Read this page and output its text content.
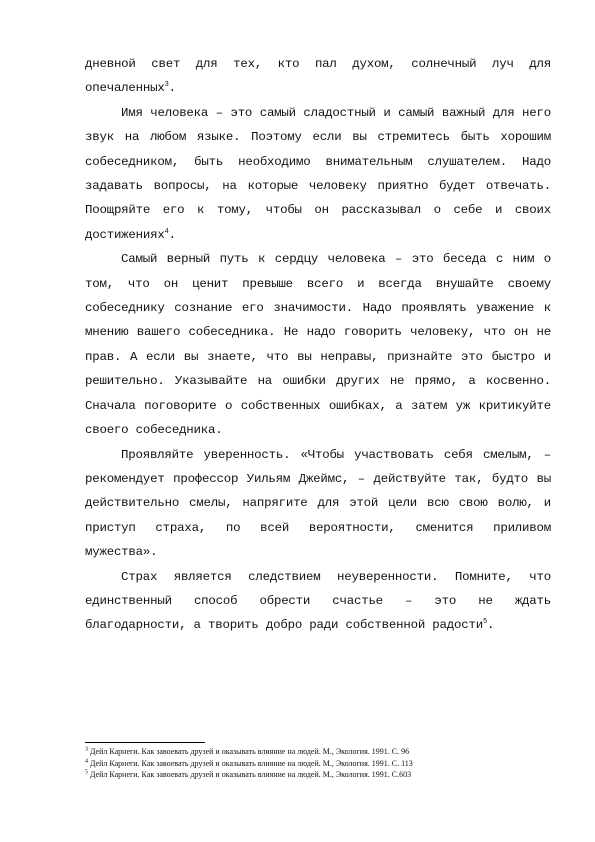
дневной свет для тех, кто пал духом, солнечный луч для опечаленных$^3$.

Имя человека – это самый сладостный и самый важный для него звук на любом языке. Поэтому если вы стремитесь быть хорошим собеседником, быть необходимо внимательным слушателем. Надо задавать вопросы, на которые человеку приятно будет отвечать. Поощряйте его к тому, чтобы он рассказывал о себе и своих достижениях$^4$.

Самый верный путь к сердцу человека – это беседа с ним о том, что он ценит превыше всего и всегда внушайте своему собеседнику сознание его значимости. Надо проявлять уважение к мнению вашего собеседника. Не надо говорить человеку, что он не прав. А если вы знаете, что вы неправы, признайте это быстро и решительно. Указывайте на ошибки других не прямо, а косвенно. Сначала поговорите о собственных ошибках, а затем уж критикуйте своего собеседника.

Проявляйте уверенность. «Чтобы участвовать себя смелым, – рекомендует профессор Уильям Джеймс, – действуйте так, будто вы действительно смелы, напрягите для этой цели всю свою волю, и приступ страха, по всей вероятности, сменится приливом мужества».

Страх является следствием неуверенности. Помните, что единственный способ обрести счастье – это не ждать благодарности, а творить добро ради собственной радости$^5$.

$^3$ Дейл Карнеги. Как завоевать друзей и оказывать влияние на людей. М., Экология. 1991. С. 96
$^4$ Дейл Карнеги. Как завоевать друзей и оказывать влияние на людей. М., Экология. 1991. С. 113
$^5$ Дейл Карнеги. Как завоевать друзей и оказывать влияние на людей. М., Экология. 1991. С.603
